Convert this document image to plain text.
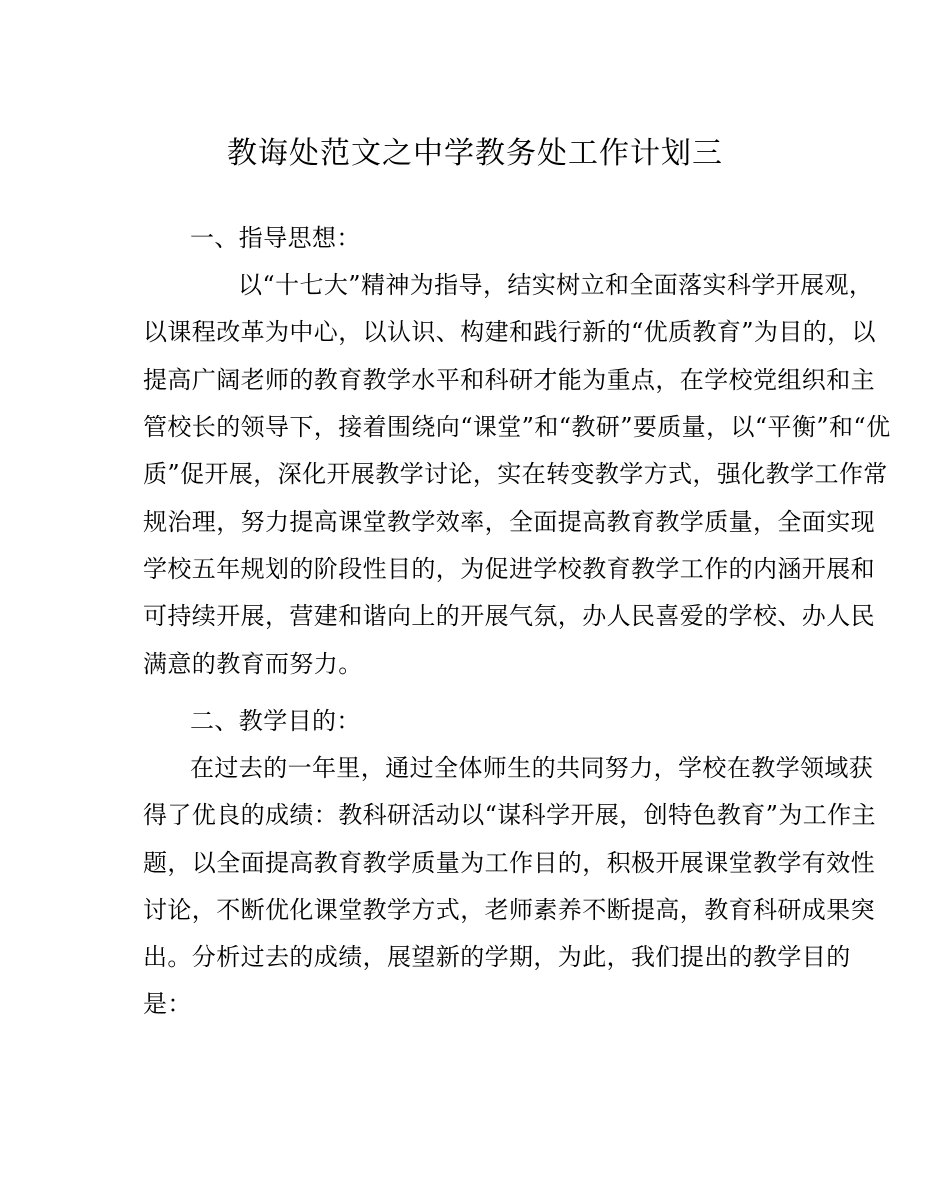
教诲处范文之中学教务处工作计划三
一、指导思想：
以“十七大”精神为指导，结实树立和全面落实科学开展观，
以课程改革为中心，以认识、构建和践行新的“优质教育”为目的，以
提高广阔老师的教育教学水平和科研才能为重点，在学校党组织和主
管校长的领导下，接着围绕向“课堂”和“教研”要质量，以“平衡”和“优
质”促开展，深化开展教学讨论，实在转变教学方式，强化教学工作常
规治理，努力提高课堂教学效率，全面提高教育教学质量，全面实现
学校五年规划的阶段性目的，为促进学校教育教学工作的内涵开展和
可持续开展，营建和谐向上的开展气氛，办人民喜爱的学校、办人民
满意的教育而努力。
二、教学目的：
在过去的一年里，通过全体师生的共同努力，学校在教学领域获
得了优良的成绩：教科研活动以“谋科学开展，创特色教育”为工作主
题，以全面提高教育教学质量为工作目的，积极开展课堂教学有效性
讨论，不断优化课堂教学方式，老师素养不断提高，教育科研成果突
出。分析过去的成绩，展望新的学期，为此，我们提出的教学目的
是：
